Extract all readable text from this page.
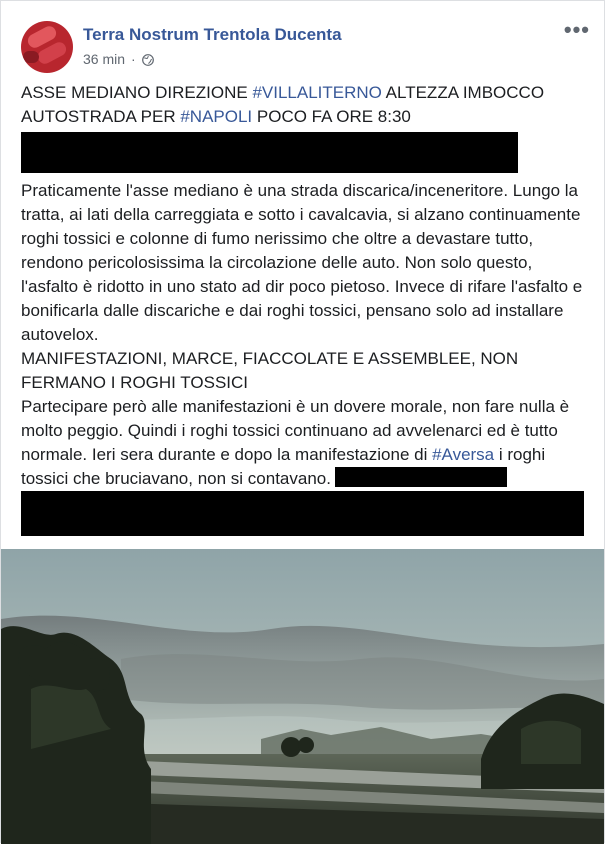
Terra Nostrum Trentola Ducenta
36 min ·
•••

ASSE MEDIANO DIREZIONE #VILLALITERNO ALTEZZA IMBOCCO AUTOSTRADA PER #NAPOLI POCO FA ORE 8:30

Praticamente l'asse mediano è una strada discarica/inceneritore. Lungo la tratta, ai lati della carreggiata e sotto i cavalcavia, si alzano continuamente roghi tossici e colonne di fumo nerissimo che oltre a devastare tutto, rendono pericolosissima la circolazione delle auto. Non solo questo, l'asfalto è ridotto in uno stato ad dir poco pietoso. Invece di rifare l'asfalto e bonificarla dalle discariche e dai roghi tossici, pensano solo ad installare autovelox.

MANIFESTAZIONI, MARCE, FIACCOLATE E ASSEMBLEE, NON FERMANO I ROGHI TOSSICI

Partecipare però alle manifestazioni è un dovere morale, non fare nulla è molto peggio. Quindi i roghi tossici continuano ad avvelenarci ed è tutto normale. Ieri sera durante e dopo la manifestazione di #Aversa i roghi tossici che bruciavano, non si contavano.
